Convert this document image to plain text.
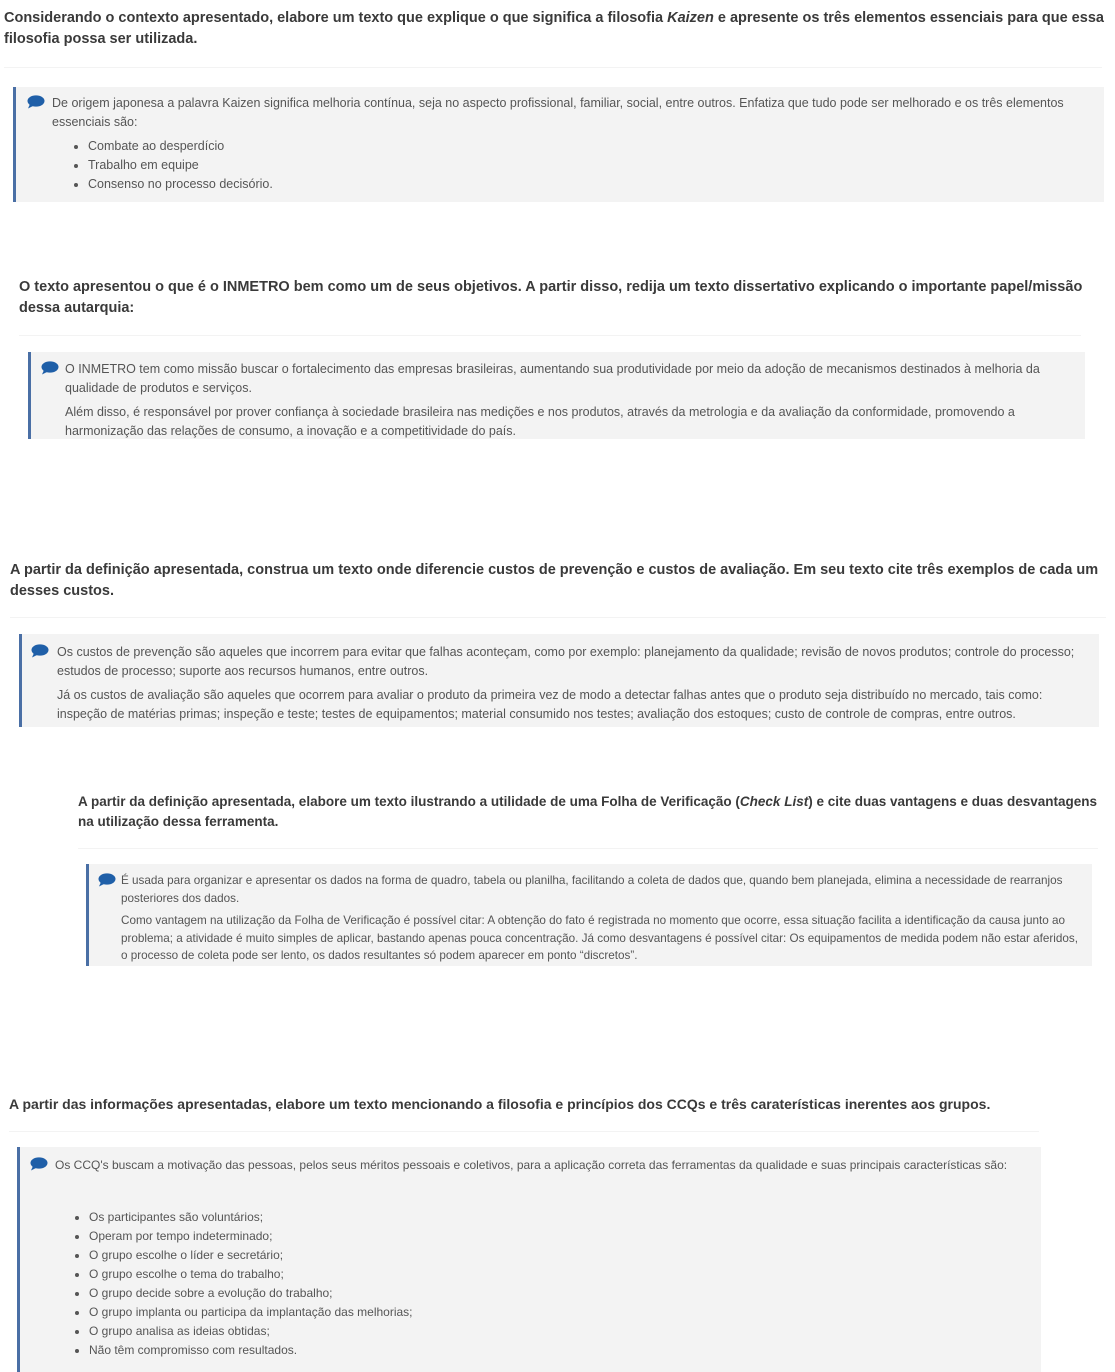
Considerando o contexto apresentado, elabore um texto que explique o que significa a filosofia Kaizen e apresente os três elementos essenciais para que essa filosofia possa ser utilizada.

De origem japonesa a palavra Kaizen significa melhoria contínua, seja no aspecto profissional, familiar, social, entre outros. Enfatiza que tudo pode ser melhorado e os três elementos essenciais são:

• Combate ao desperdício
• Trabalho em equipe
• Consenso no processo decisório.
O texto apresentou o que é o INMETRO bem como um de seus objetivos. A partir disso, redija um texto dissertativo explicando o importante papel/missão dessa autarquia:

O INMETRO tem como missão buscar o fortalecimento das empresas brasileiras, aumentando sua produtividade por meio da adoção de mecanismos destinados à melhoria da qualidade de produtos e serviços.

Além disso, é responsável por prover confiança à sociedade brasileira nas medições e nos produtos, através da metrologia e da avaliação da conformidade, promovendo a harmonização das relações de consumo, a inovação e a competitividade do país.

A partir da definição apresentada, construa um texto onde diferencie custos de prevenção e custos de avaliação. Em seu texto cite três exemplos de cada um desses custos.

Os custos de prevenção são aqueles que incorrem para evitar que falhas aconteçam, como por exemplo: planejamento da qualidade; revisão de novos produtos; controle do processo; estudos de processo; suporte aos recursos humanos, entre outros.

Já os custos de avaliação são aqueles que ocorrem para avaliar o produto da primeira vez de modo a detectar falhas antes que o produto seja distribuído no mercado, tais como: inspeção de matérias primas; inspeção e teste; testes de equipamentos; material consumido nos testes; avaliação dos estoques; custo de controle de compras, entre outros.

A partir da definição apresentada, elabore um texto ilustrando a utilidade de uma Folha de Verificação (Check List) e cite duas vantagens e duas desvantagens na utilização dessa ferramenta.

É usada para organizar e apresentar os dados na forma de quadro, tabela ou planilha, facilitando a coleta de dados que, quando bem planejada, elimina a necessidade de rearranjos posteriores dos dados.

Como vantagem na utilização da Folha de Verificação é possível citar: A obtenção do fato é registrada no momento que ocorre, essa situação facilita a identificação da causa junto ao problema; a atividade é muito simples de aplicar, bastando apenas pouca concentração. Já como desvantagens é possível citar: Os equipamentos de medida podem não estar aferidos, o processo de coleta pode ser lento, os dados resultantes só podem aparecer em ponto “discretos”.

A partir das informações apresentadas, elabore um texto mencionando a filosofia e princípios dos CCQs e três caraterísticas inerentes aos grupos.

Os CCQ's buscam a motivação das pessoas, pelos seus méritos pessoais e coletivos, para a aplicação correta das ferramentas da qualidade e suas principais características são:

• Os participantes são voluntários;
• Operam por tempo indeterminado;
• O grupo escolhe o líder e secretário;
• O grupo escolhe o tema do trabalho;
• O grupo decide sobre a evolução do trabalho;
• O grupo implanta ou participa da implantação das melhorias;
• O grupo analisa as ideias obtidas;
• Não têm compromisso com resultados.
